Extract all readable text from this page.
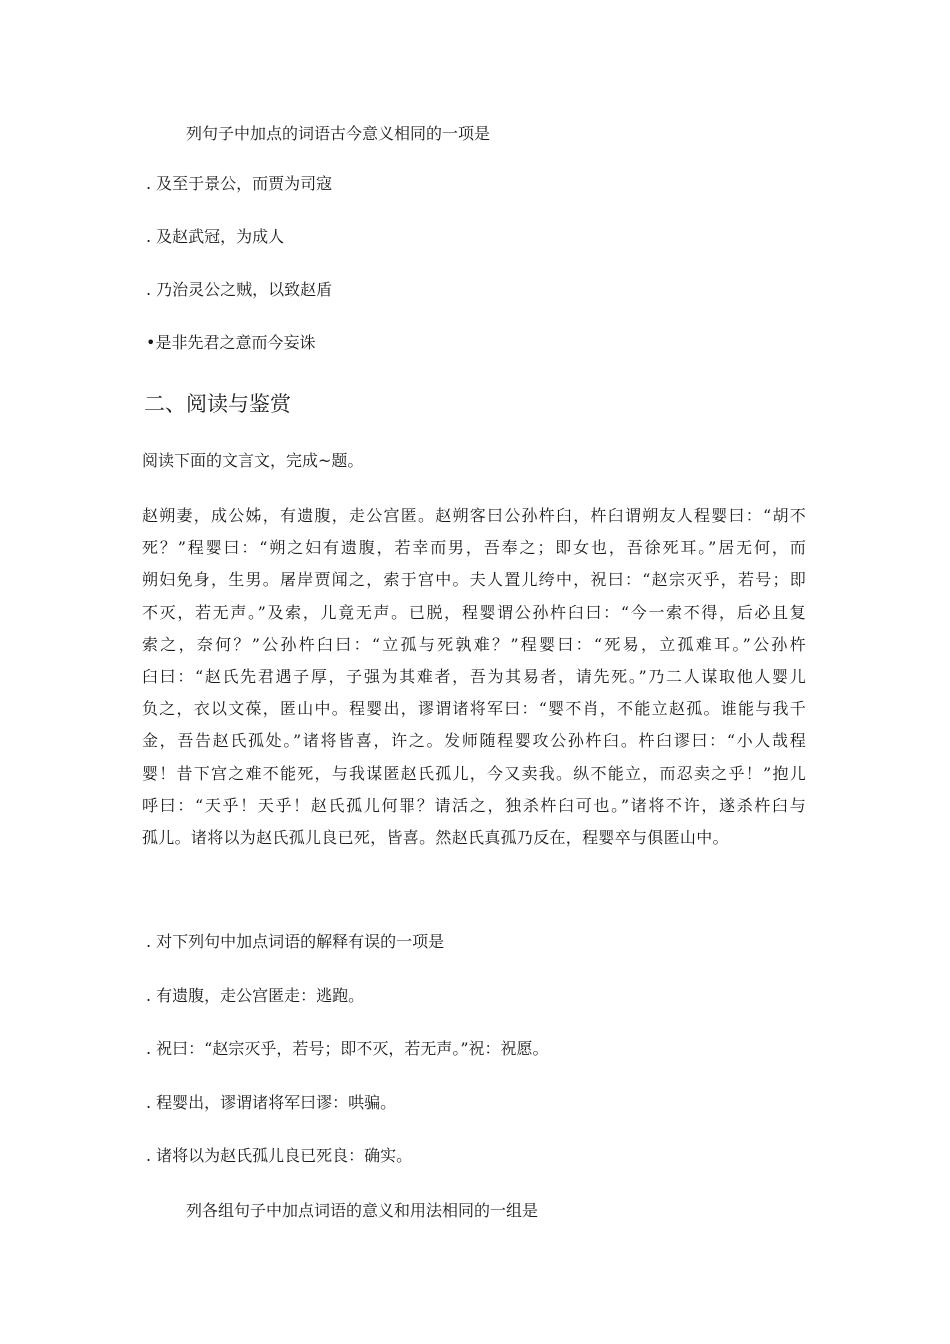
列句子中加点的词语古今意义相同的一项是
. 及至于景公，而贾为司寇
. 及赵武冠，为成人
. 乃治灵公之贼，以致赵盾
•是非先君之意而今妄诛
二、阅读与鉴赏
阅读下面的文言文，完成~题。
赵朔妻，成公姊，有遗腹，走公宫匿。赵朔客曰公孙杵臼，杵臼谓朔友人程婴曰：“胡不
死？”程婴曰：“朔之妇有遗腹，若幸而男，吾奉之；即女也，吾徐死耳。”居无何，而
朔妇免身，生男。屠岸贾闻之，索于宫中。夫人置儿绔中，祝曰：“赵宗灭乎，若号；即
不灭，若无声。”及索，儿竟无声。已脱，程婴谓公孙杵臼曰：“今一索不得，后必且复
索之，奈何？”公孙杵臼曰：“立孤与死孰难？”程婴曰：“死易，立孤难耳。”公孙杵
臼曰：“赵氏先君遇子厚，子强为其难者，吾为其易者，请先死。”乃二人谋取他人婴儿
负之，衣以文葆，匿山中。程婴出，谬谓诸将军曰：“婴不肖，不能立赵孤。谁能与我千
金，吾告赵氏孤处。”诸将皆喜，许之。发师随程婴攻公孙杵臼。杵臼谬曰：“小人哉程
婴！昔下宫之难不能死，与我谋匿赵氏孤儿，今又卖我。纵不能立，而忍卖之乎！”抱儿
呼曰：“天乎！天乎！赵氏孤儿何罪？请活之，独杀杵臼可也。”诸将不许，遂杀杵臼与
孤儿。诸将以为赵氏孤儿良已死，皆喜。然赵氏真孤乃反在，程婴卒与俱匿山中。
. 对下列句中加点词语的解释有误的一项是
. 有遗腹，走公宫匿走：逃跑。
. 祝曰：“赵宗灭乎，若号；即不灭，若无声。”祝：祝愿。
. 程婴出，谬谓诸将军曰谬：哄骗。
. 诸将以为赵氏孤儿良已死良：确实。
列各组句子中加点词语的意义和用法相同的一组是
